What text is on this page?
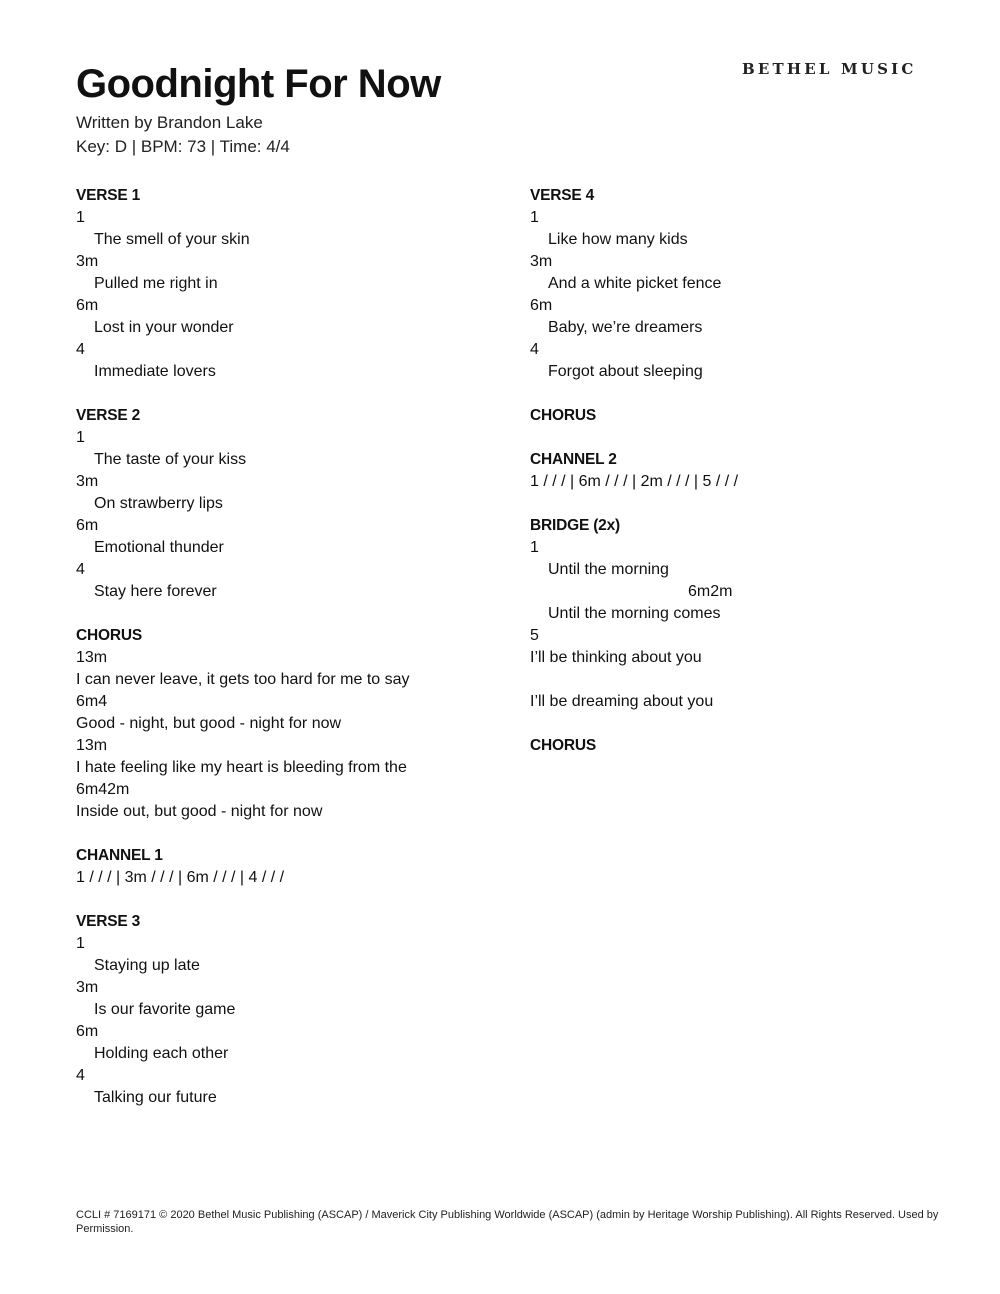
BETHEL MUSIC
Goodnight For Now
Written by Brandon Lake
Key: D | BPM: 73 | Time: 4/4
VERSE 1
1
The smell of your skin
3m
Pulled me right in
6m
Lost in your wonder
4
Immediate lovers
VERSE 2
1
The taste of your kiss
3m
On strawberry lips
6m
Emotional thunder
4
Stay here forever
CHORUS
13m
I can never leave, it gets too hard for me to say
6m4
Good - night, but good - night for now
13m
I hate feeling like my heart is bleeding from the
6m42m
Inside out, but good - night for now
CHANNEL 1
1 / / / | 3m / / / | 6m / / / | 4 / / /
VERSE 3
1
Staying up late
3m
Is our favorite game
6m
Holding each other
4
Talking our future
VERSE 4
1
Like how many kids
3m
And a white picket fence
6m
Baby, we’re dreamers
4
Forgot about sleeping
CHORUS
CHANNEL 2
1 / / / | 6m / / / | 2m / / / | 5 / / /
BRIDGE (2x)
1
Until the morning
6m2m
Until the morning comes
5
I’ll be thinking about you
I’ll be dreaming about you
CHORUS
CCLI # 7169171 © 2020 Bethel Music Publishing (ASCAP) / Maverick City Publishing Worldwide (ASCAP) (admin by Heritage Worship Publishing). All Rights Reserved. Used by Permission.
